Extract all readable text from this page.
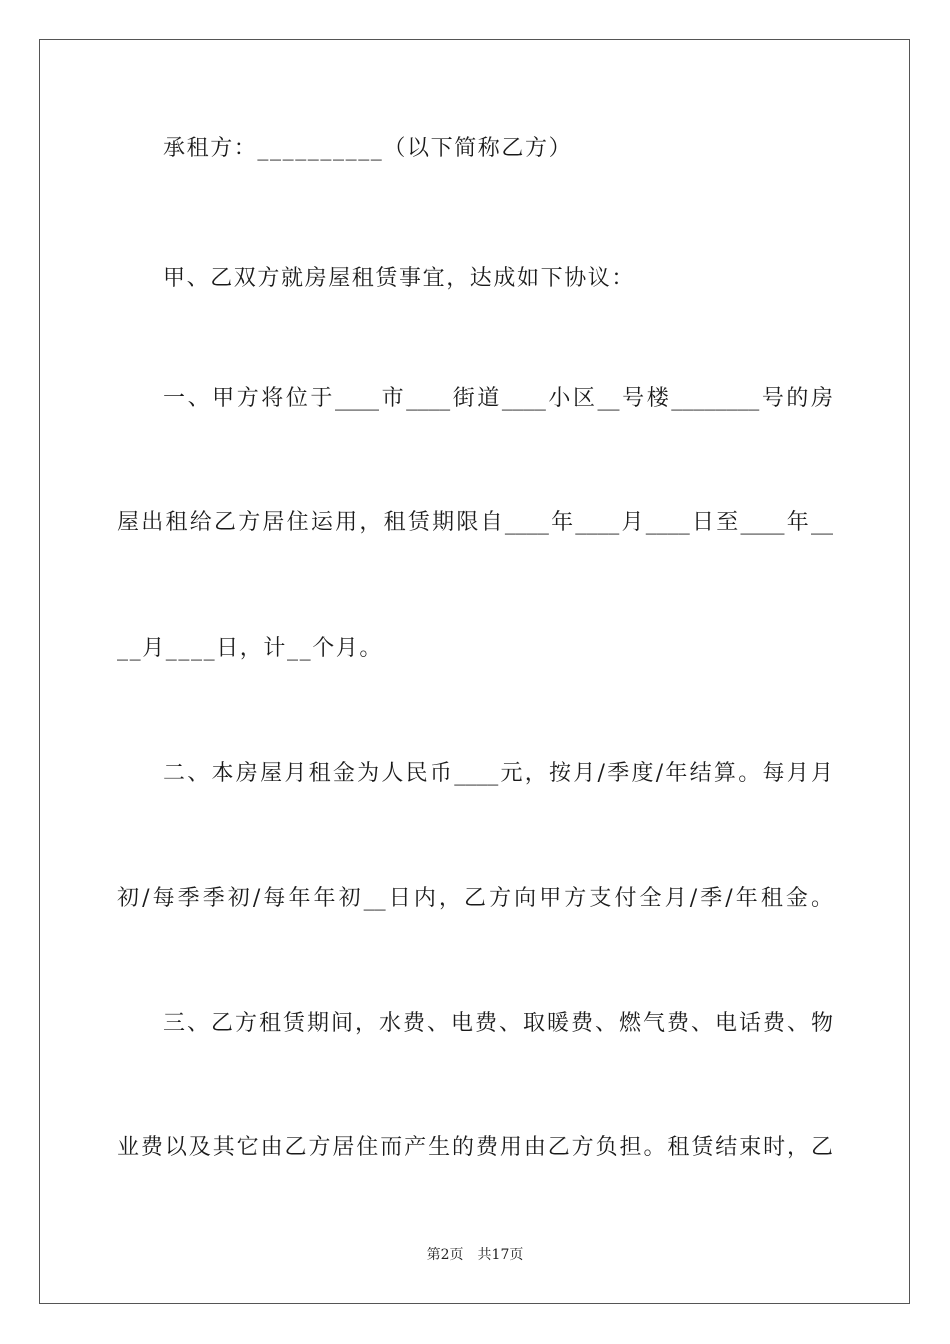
承租方：__________（以下简称乙方）
甲、乙双方就房屋租赁事宜，达成如下协议：
一、甲方将位于____市____街道____小区__号楼________号的房
屋出租给乙方居住运用，租赁期限自____年____月____日至____年__
__月____日，计__个月。
二、本房屋月租金为人民币____元，按月/季度/年结算。每月月
初/每季季初/每年年初__日内，乙方向甲方支付全月/季/年租金。
三、乙方租赁期间，水费、电费、取暖费、燃气费、电话费、物
业费以及其它由乙方居住而产生的费用由乙方负担。租赁结束时，乙
第2页 共17页
